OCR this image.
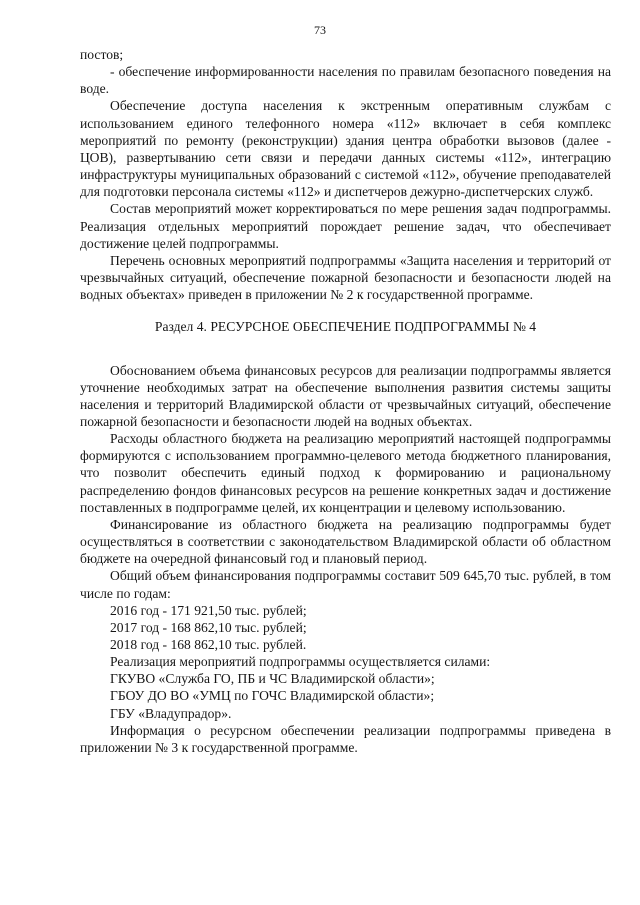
73

постов;

- обеспечение информированности населения по правилам безопасного поведения на воде.

Обеспечение доступа населения к экстренным оперативным службам с использованием единого телефонного номера «112» включает в себя комплекс мероприятий по ремонту (реконструкции) здания центра обработки вызовов (далее - ЦОВ), развертыванию сети связи и передачи данных системы «112», интеграцию инфраструктуры муниципальных образований с системой «112», обучение преподавателей для подготовки персонала системы «112» и диспетчеров дежурно-диспетчерских служб.

Состав мероприятий может корректироваться по мере решения задач подпрограммы. Реализация отдельных мероприятий порождает решение задач, что обеспечивает достижение целей подпрограммы.

Перечень основных мероприятий подпрограммы «Защита населения и территорий от чрезвычайных ситуаций, обеспечение пожарной безопасности и безопасности людей на водных объектах» приведен в приложении № 2 к государственной программе.

Раздел 4. РЕСУРСНОЕ ОБЕСПЕЧЕНИЕ ПОДПРОГРАММЫ № 4

Обоснованием объема финансовых ресурсов для реализации подпрограммы является уточнение необходимых затрат на обеспечение выполнения развития системы защиты населения и территорий Владимирской области от чрезвычайных ситуаций, обеспечение пожарной безопасности и безопасности людей на водных объектах.

Расходы областного бюджета на реализацию мероприятий настоящей подпрограммы формируются с использованием программно-целевого метода бюджетного планирования, что позволит обеспечить единый подход к формированию и рациональному распределению фондов финансовых ресурсов на решение конкретных задач и достижение поставленных в подпрограмме целей, их концентрации и целевому использованию.

Финансирование из областного бюджета на реализацию подпрограммы будет осуществляться в соответствии с законодательством Владимирской области об областном бюджете на очередной финансовый год и плановый период.

Общий объем финансирования подпрограммы составит 509 645,70 тыс. рублей, в том числе по годам:

2016 год - 171 921,50 тыс. рублей;

2017 год - 168 862,10 тыс. рублей;

2018 год - 168 862,10 тыс. рублей.

Реализация мероприятий подпрограммы осуществляется силами:

ГКУВО «Служба ГО, ПБ и ЧС Владимирской области»;

ГБОУ ДО ВО «УМЦ по ГОЧС Владимирской области»;

ГБУ «Владупрадор».

Информация о ресурсном обеспечении реализации подпрограммы приведена в приложении № 3 к государственной программе.
